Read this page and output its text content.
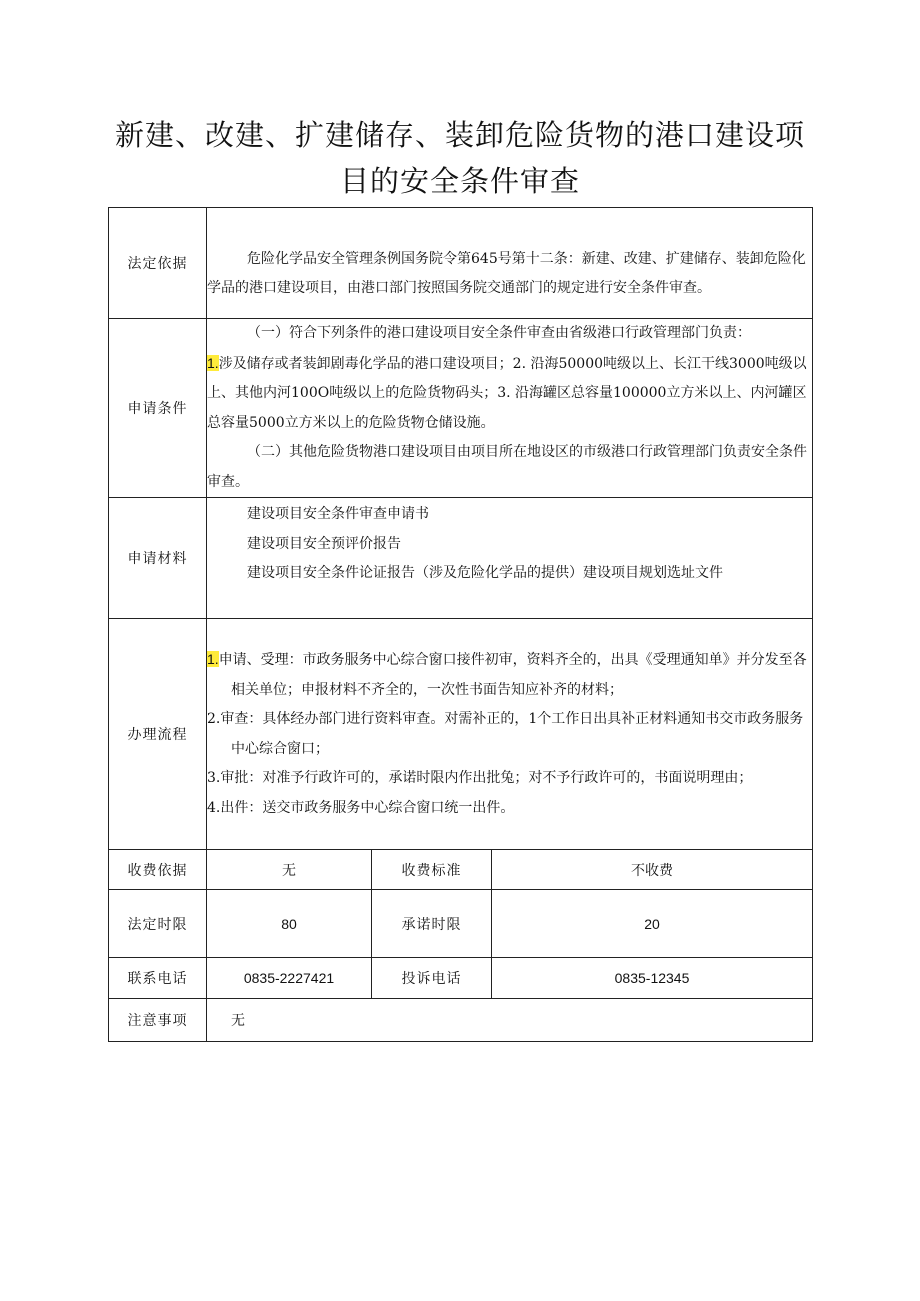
新建、改建、扩建储存、装卸危险货物的港口建设项
目的安全条件审查
法定依据	危险化学品安全管理条例国务院令第645号第十二条：新建、改建、扩建储存、装卸危险化学品的港口建设项目，由港口部门按照国务院交通部门的规定进行安全条件审查。		

申请条件	（一）符合下列条件的港口建设项目安全条件审查由省级港口行政管理部门负责：

1.涉及储存或者装卸剧毒化学品的港口建设项目；2. 沿海50000吨级以上、长江干线3000吨级以上、其他内河100O吨级以上的危险货物码头；3. 沿海罐区总容量100000立方米以上、内河罐区总容量5000立方米以上的危险货物仓储设施。

（二）其他危险货物港口建设项目由项目所在地设区的市级港口行政管理部门负责安全条件审查。		

申请材料	建设项目安全条件审查申请书

建设项目安全预评价报告

建设项目安全条件论证报告（涉及危险化学品的提供）建设项目规划选址文件		

办理流程	1.申请、受理：市政务服务中心综合窗口接件初审，资料齐全的，出具《受理通知单》并分发至各相关单位；申报材料不齐全的，一次性书面告知应补齐的材料；

2.审查：具体经办部门进行资料审查。对需补正的，1个工作日出具补正材料通知书交市政务服务中心综合窗口；

3.审批：对准予行政许可的，承诺时限内作出批兔；对不予行政许可的，书面说明理由；

4.出件：送交市政务服务中心综合窗口统一出件。		

收费依据	无	收费标准	不收费
法定时限	80	承诺时限	20
联系电话	0835-2227421	投诉电话	0835-12345
注意事项	无		
